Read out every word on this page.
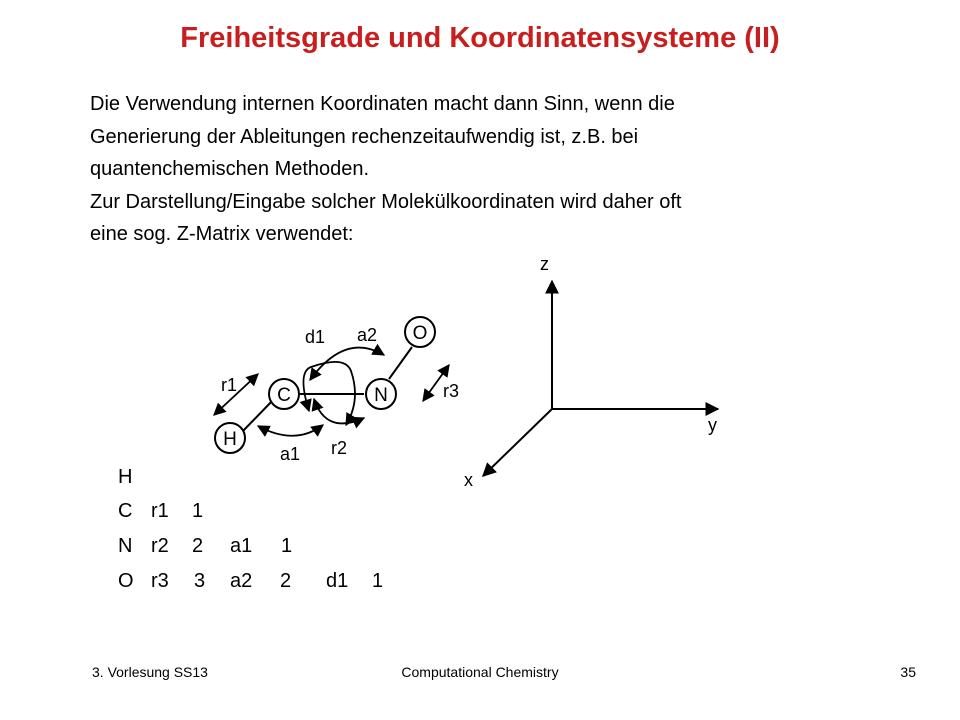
Freiheitsgrade und Koordinatensysteme (II)
Die Verwendung internen Koordinaten macht dann Sinn, wenn die
Generierung der Ableitungen rechenzeitaufwendig ist, z.B. bei
quantenchemischen Methoden.
Zur Darstellung/Eingabe solcher Molekülkoordinaten wird daher oft
eine sog. Z-Matrix verwendet:
H
C	N
O
r1	r3
a2
d1
a1 r2
z
y
x
H
C r1 1
N r2 2 a1 1
O r3 3 a2 2 d1 1
3. Vorlesung SS13	Computational Chemistry	35
